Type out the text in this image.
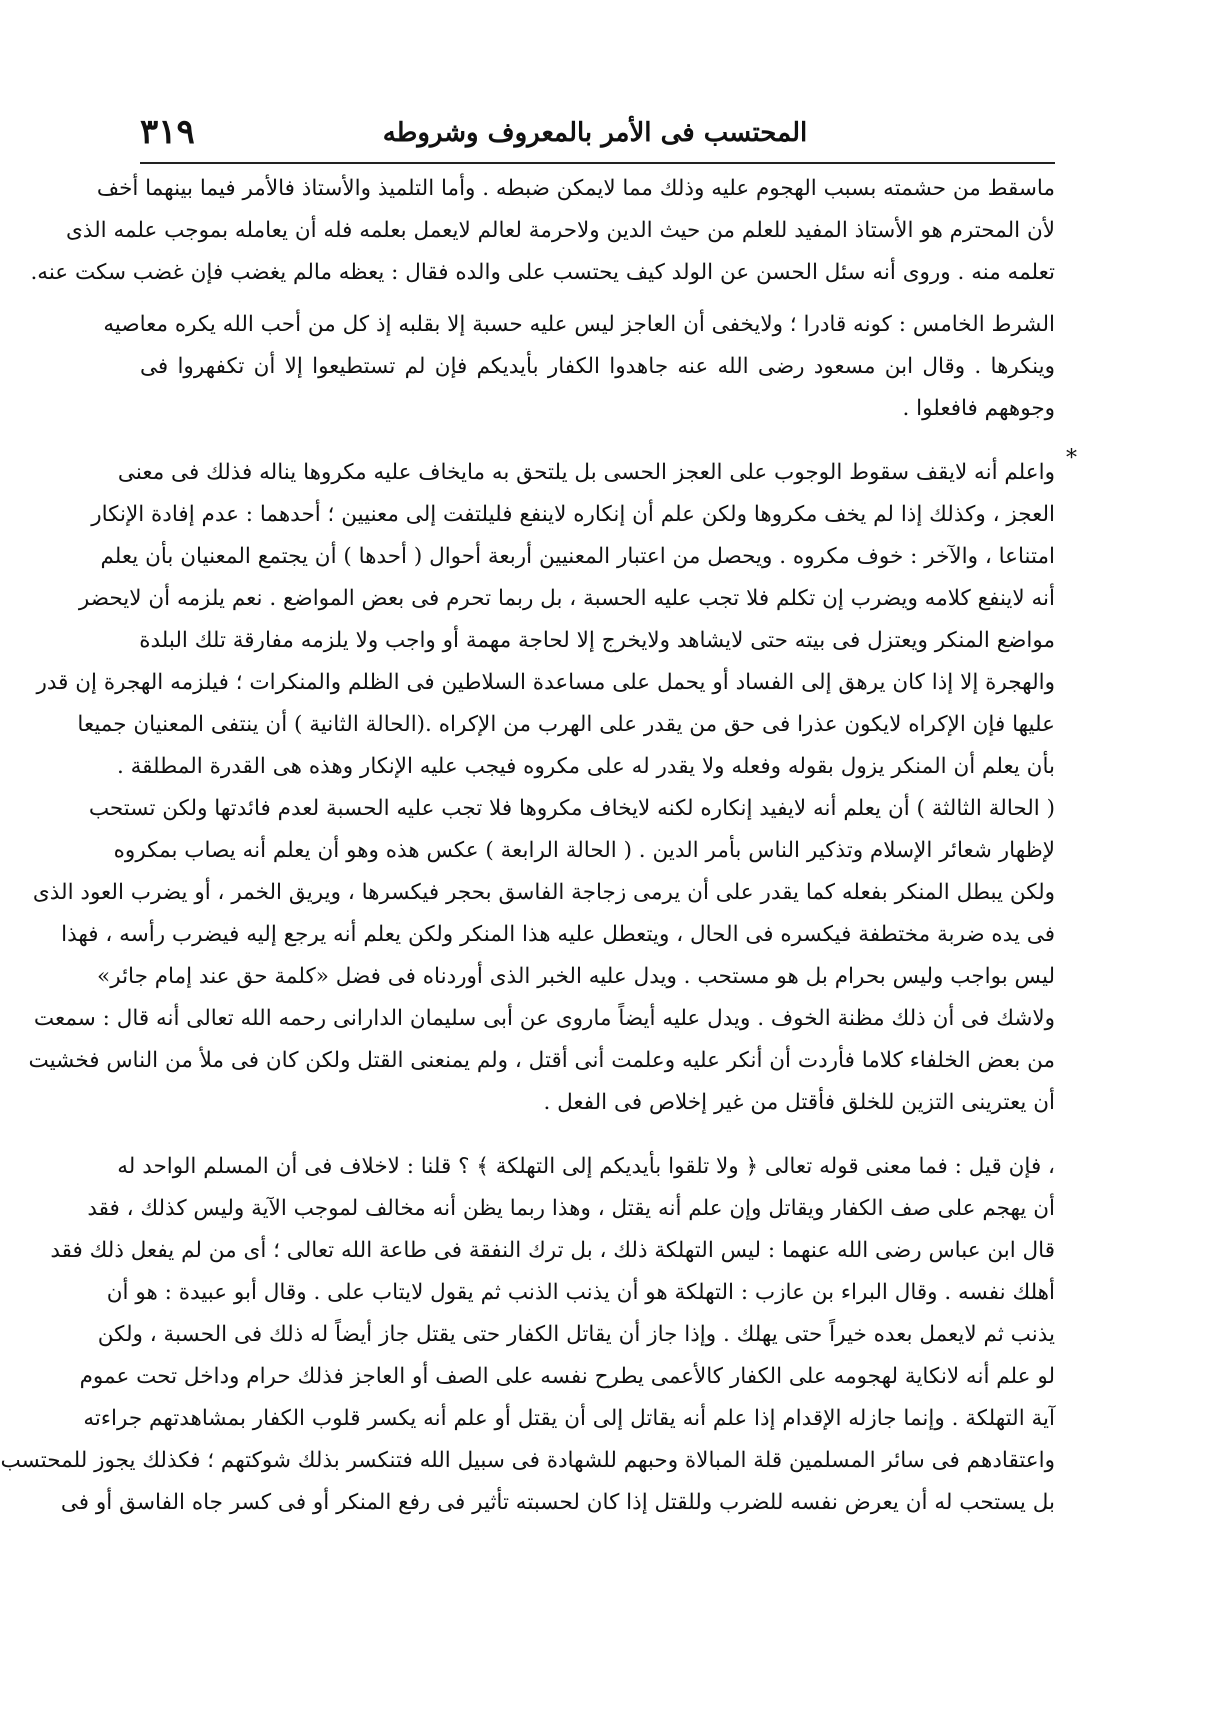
٣١٩	المحتسب فى الأمر بالمعروف وشروطه
ماسقط من حشمته بسبب الهجوم عليه وذلك مما لايمكن ضبطه . وأما التلميذ والأستاذ فالأمر فيما بينهما أخف
لأن المحترم هو الأستاذ المفيد للعلم من حيث الدين ولاحرمة لعالم لايعمل بعلمه فله أن يعامله بموجب علمه الذى
تعلمه منه . وروى أنه سئل الحسن عن الولد كيف يحتسب على والده فقال : يعظه مالم يغضب فإن غضب سكت عنه.
الشرط الخامس : كونه قادرا ؛ ولايخفى أن العاجز ليس عليه حسبة إلا بقلبه إذ كل من أحب الله يكره معاصيه
وينكرها . وقال ابن مسعود رضى الله عنه جاهدوا الكفار بأيديكم فإن لم تستطيعوا إلا أن تكفهروا فى
وجوههم فافعلوا .
*
واعلم أنه لايقف سقوط الوجوب على العجز الحسى بل يلتحق به مايخاف عليه مكروها يناله فذلك فى معنى
العجز ، وكذلك إذا لم يخف مكروها ولكن علم أن إنكاره لاينفع فليلتفت إلى معنيين ؛ أحدهما : عدم إفادة الإنكار
امتناعا ، والآخر : خوف مكروه . ويحصل من اعتبار المعنيين أربعة أحوال ( أحدها ) أن يجتمع المعنيان بأن يعلم
أنه لاينفع كلامه ويضرب إن تكلم فلا تجب عليه الحسبة ، بل ربما تحرم فى بعض المواضع . نعم يلزمه أن لايحضر
مواضع المنكر ويعتزل فى بيته حتى لايشاهد ولايخرج إلا لحاجة مهمة أو واجب ولا يلزمه مفارقة تلك البلدة
والهجرة إلا إذا كان يرهق إلى الفساد أو يحمل على مساعدة السلاطين فى الظلم والمنكرات ؛ فيلزمه الهجرة إن قدر
عليها فإن الإكراه لايكون عذرا فى حق من يقدر على الهرب من الإكراه .(الحالة الثانية ) أن ينتفى المعنيان جميعا
بأن يعلم أن المنكر يزول بقوله وفعله ولا يقدر له على مكروه فيجب عليه الإنكار وهذه هى القدرة المطلقة .
( الحالة الثالثة ) أن يعلم أنه لايفيد إنكاره لكنه لايخاف مكروها فلا تجب عليه الحسبة لعدم فائدتها ولكن تستحب
لإظهار شعائر الإسلام وتذكير الناس بأمر الدين . ( الحالة الرابعة ) عكس هذه وهو أن يعلم أنه يصاب بمكروه
ولكن يبطل المنكر بفعله كما يقدر على أن يرمى زجاجة الفاسق بحجر فيكسرها ، ويريق الخمر ، أو يضرب العود الذى
فى يده ضربة مختطفة فيكسره فى الحال ، ويتعطل عليه هذا المنكر ولكن يعلم أنه يرجع إليه فيضرب رأسه ، فهذا
ليس بواجب وليس بحرام بل هو مستحب . ويدل عليه الخبر الذى أوردناه فى فضل «كلمة حق عند إمام جائر»
ولاشك فى أن ذلك مظنة الخوف . ويدل عليه أيضاً ماروى عن أبى سليمان الدارانى رحمه الله تعالى أنه قال : سمعت
من بعض الخلفاء كلاما فأردت أن أنكر عليه وعلمت أنى أقتل ، ولم يمنعنى القتل ولكن كان فى ملأ من الناس فخشيت
أن يعترينى التزين للخلق فأقتل من غير إخلاص فى الفعل .
، فإن قيل : فما معنى قوله تعالى ﴿ ولا تلقوا بأيديكم إلى التهلكة ﴾ ؟ قلنا : لاخلاف فى أن المسلم الواحد له
أن يهجم على صف الكفار ويقاتل وإن علم أنه يقتل ، وهذا ربما يظن أنه مخالف لموجب الآية وليس كذلك ، فقد
قال ابن عباس رضى الله عنهما : ليس التهلكة ذلك ، بل ترك النفقة فى طاعة الله تعالى ؛ أى من لم يفعل ذلك فقد
أهلك نفسه . وقال البراء بن عازب : التهلكة هو أن يذنب الذنب ثم يقول لايتاب على . وقال أبو عبيدة : هو أن
يذنب ثم لايعمل بعده خيراً حتى يهلك . وإذا جاز أن يقاتل الكفار حتى يقتل جاز أيضاً له ذلك فى الحسبة ، ولكن
لو علم أنه لانكاية لهجومه على الكفار كالأعمى يطرح نفسه على الصف أو العاجز فذلك حرام وداخل تحت عموم
آية التهلكة . وإنما جازله الإقدام إذا علم أنه يقاتل إلى أن يقتل أو علم أنه يكسر قلوب الكفار بمشاهدتهم جراءته
واعتقادهم فى سائر المسلمين قلة المبالاة وحبهم للشهادة فى سبيل الله فتنكسر بذلك شوكتهم ؛ فكذلك يجوز للمحتسب
بل يستحب له أن يعرض نفسه للضرب وللقتل إذا كان لحسبته تأثير فى رفع المنكر أو فى كسر جاه الفاسق أو فى
